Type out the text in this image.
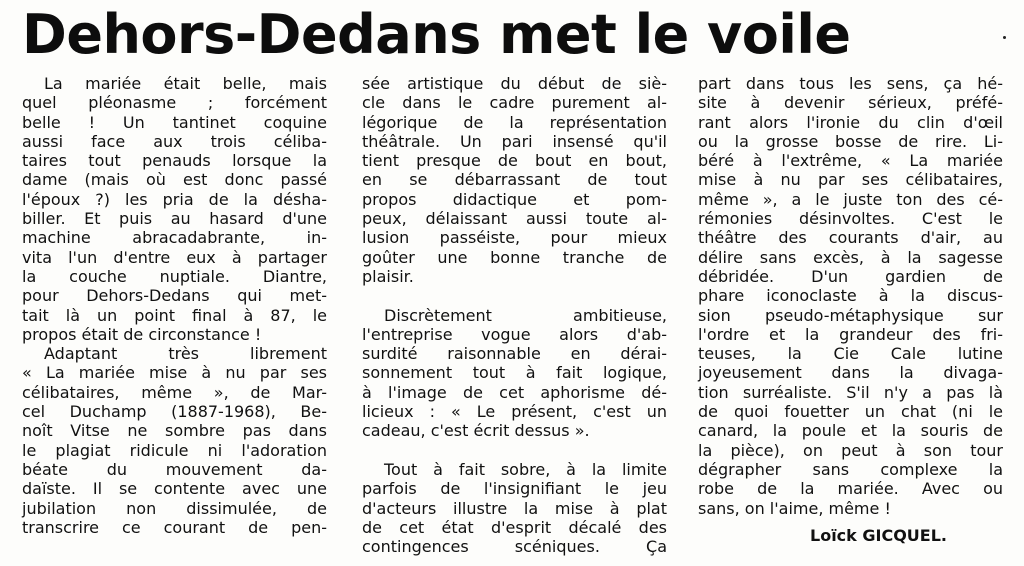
Dehors-Dedans met le voile
La mariée était belle, mais
quel pléonasme ; forcément
belle ! Un tantinet coquine
aussi face aux trois céliba-
taires tout penauds lorsque la
dame (mais où est donc passé
l'époux ?) les pria de la désha-
biller. Et puis au hasard d'une
machine abracadabrante, in-
vita l'un d'entre eux à partager
la couche nuptiale. Diantre,
pour Dehors-Dedans qui met-
tait là un point final à 87, le
propos était de circonstance !
Adaptant très librement
« La mariée mise à nu par ses
célibataires, même », de Mar-
cel Duchamp (1887-1968), Be-
noît Vitse ne sombre pas dans
le plagiat ridicule ni l'adoration
béate du mouvement da-
daïste. Il se contente avec une
jubilation non dissimulée, de
transcrire ce courant de pen-
sée artistique du début de siè-
cle dans le cadre purement al-
légorique de la représentation
théâtrale. Un pari insensé qu'il
tient presque de bout en bout,
en se débarrassant de tout
propos didactique et pom-
peux, délaissant aussi toute al-
lusion passéiste, pour mieux
goûter une bonne tranche de
plaisir.
Discrètement ambitieuse,
l'entreprise vogue alors d'ab-
surdité raisonnable en dérai-
sonnement tout à fait logique,
à l'image de cet aphorisme dé-
licieux : « Le présent, c'est un
cadeau, c'est écrit dessus ».
Tout à fait sobre, à la limite
parfois de l'insignifiant le jeu
d'acteurs illustre la mise à plat
de cet état d'esprit décalé des
contingences scéniques. Ça
part dans tous les sens, ça hé-
site à devenir sérieux, préfé-
rant alors l'ironie du clin d'œil
ou la grosse bosse de rire. Li-
béré à l'extrême, « La mariée
mise à nu par ses célibataires,
même », a le juste ton des cé-
rémonies désinvoltes. C'est le
théâtre des courants d'air, au
délire sans excès, à la sagesse
débridée. D'un gardien de
phare iconoclaste à la discus-
sion pseudo-métaphysique sur
l'ordre et la grandeur des fri-
teuses, la Cie Cale lutine
joyeusement dans la divaga-
tion surréaliste. S'il n'y a pas là
de quoi fouetter un chat (ni le
canard, la poule et la souris de
la pièce), on peut à son tour
dégrapher sans complexe la
robe de la mariée. Avec ou
sans, on l'aime, même !
Loïck GICQUEL.
